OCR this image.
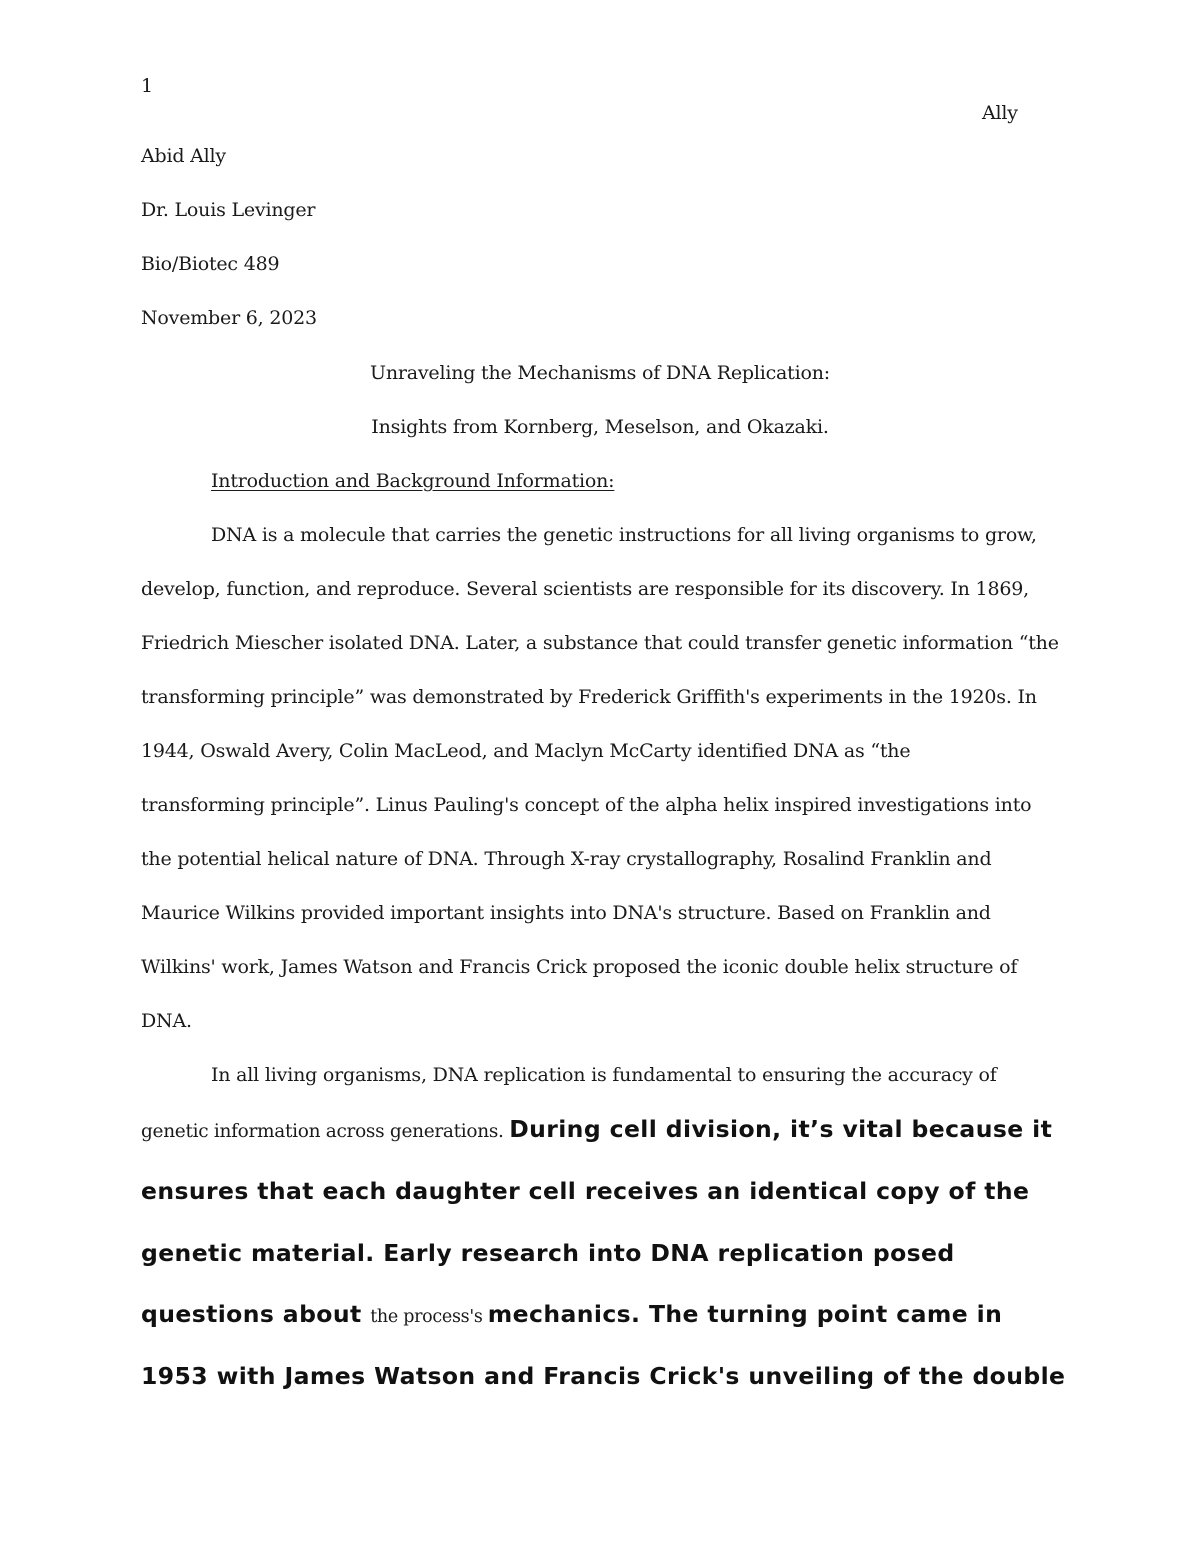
1
Ally
Abid Ally
Dr. Louis Levinger
Bio/Biotec 489
November 6, 2023
Unraveling the Mechanisms of DNA Replication:
Insights from Kornberg, Meselson, and Okazaki.
Introduction and Background Information:
DNA is a molecule that carries the genetic instructions for all living organisms to grow,
develop, function, and reproduce. Several scientists are responsible for its discovery. In 1869,
Friedrich Miescher isolated DNA. Later, a substance that could transfer genetic information “the
transforming principle” was demonstrated by Frederick Griffith's experiments in the 1920s. In
1944, Oswald Avery, Colin MacLeod, and Maclyn McCarty identified DNA as “the
transforming principle”. Linus Pauling's concept of the alpha helix inspired investigations into
the potential helical nature of DNA. Through X-ray crystallography, Rosalind Franklin and
Maurice Wilkins provided important insights into DNA's structure. Based on Franklin and
Wilkins' work, James Watson and Francis Crick proposed the iconic double helix structure of
DNA.
In all living organisms, DNA replication is fundamental to ensuring the accuracy of
genetic information across generations. During cell division, it’s vital because it
ensures that each daughter cell receives an identical copy of the
genetic material. Early research into DNA replication posed
questions about the process's mechanics. The turning point came in
1953 with James Watson and Francis Crick's unveiling of the double
